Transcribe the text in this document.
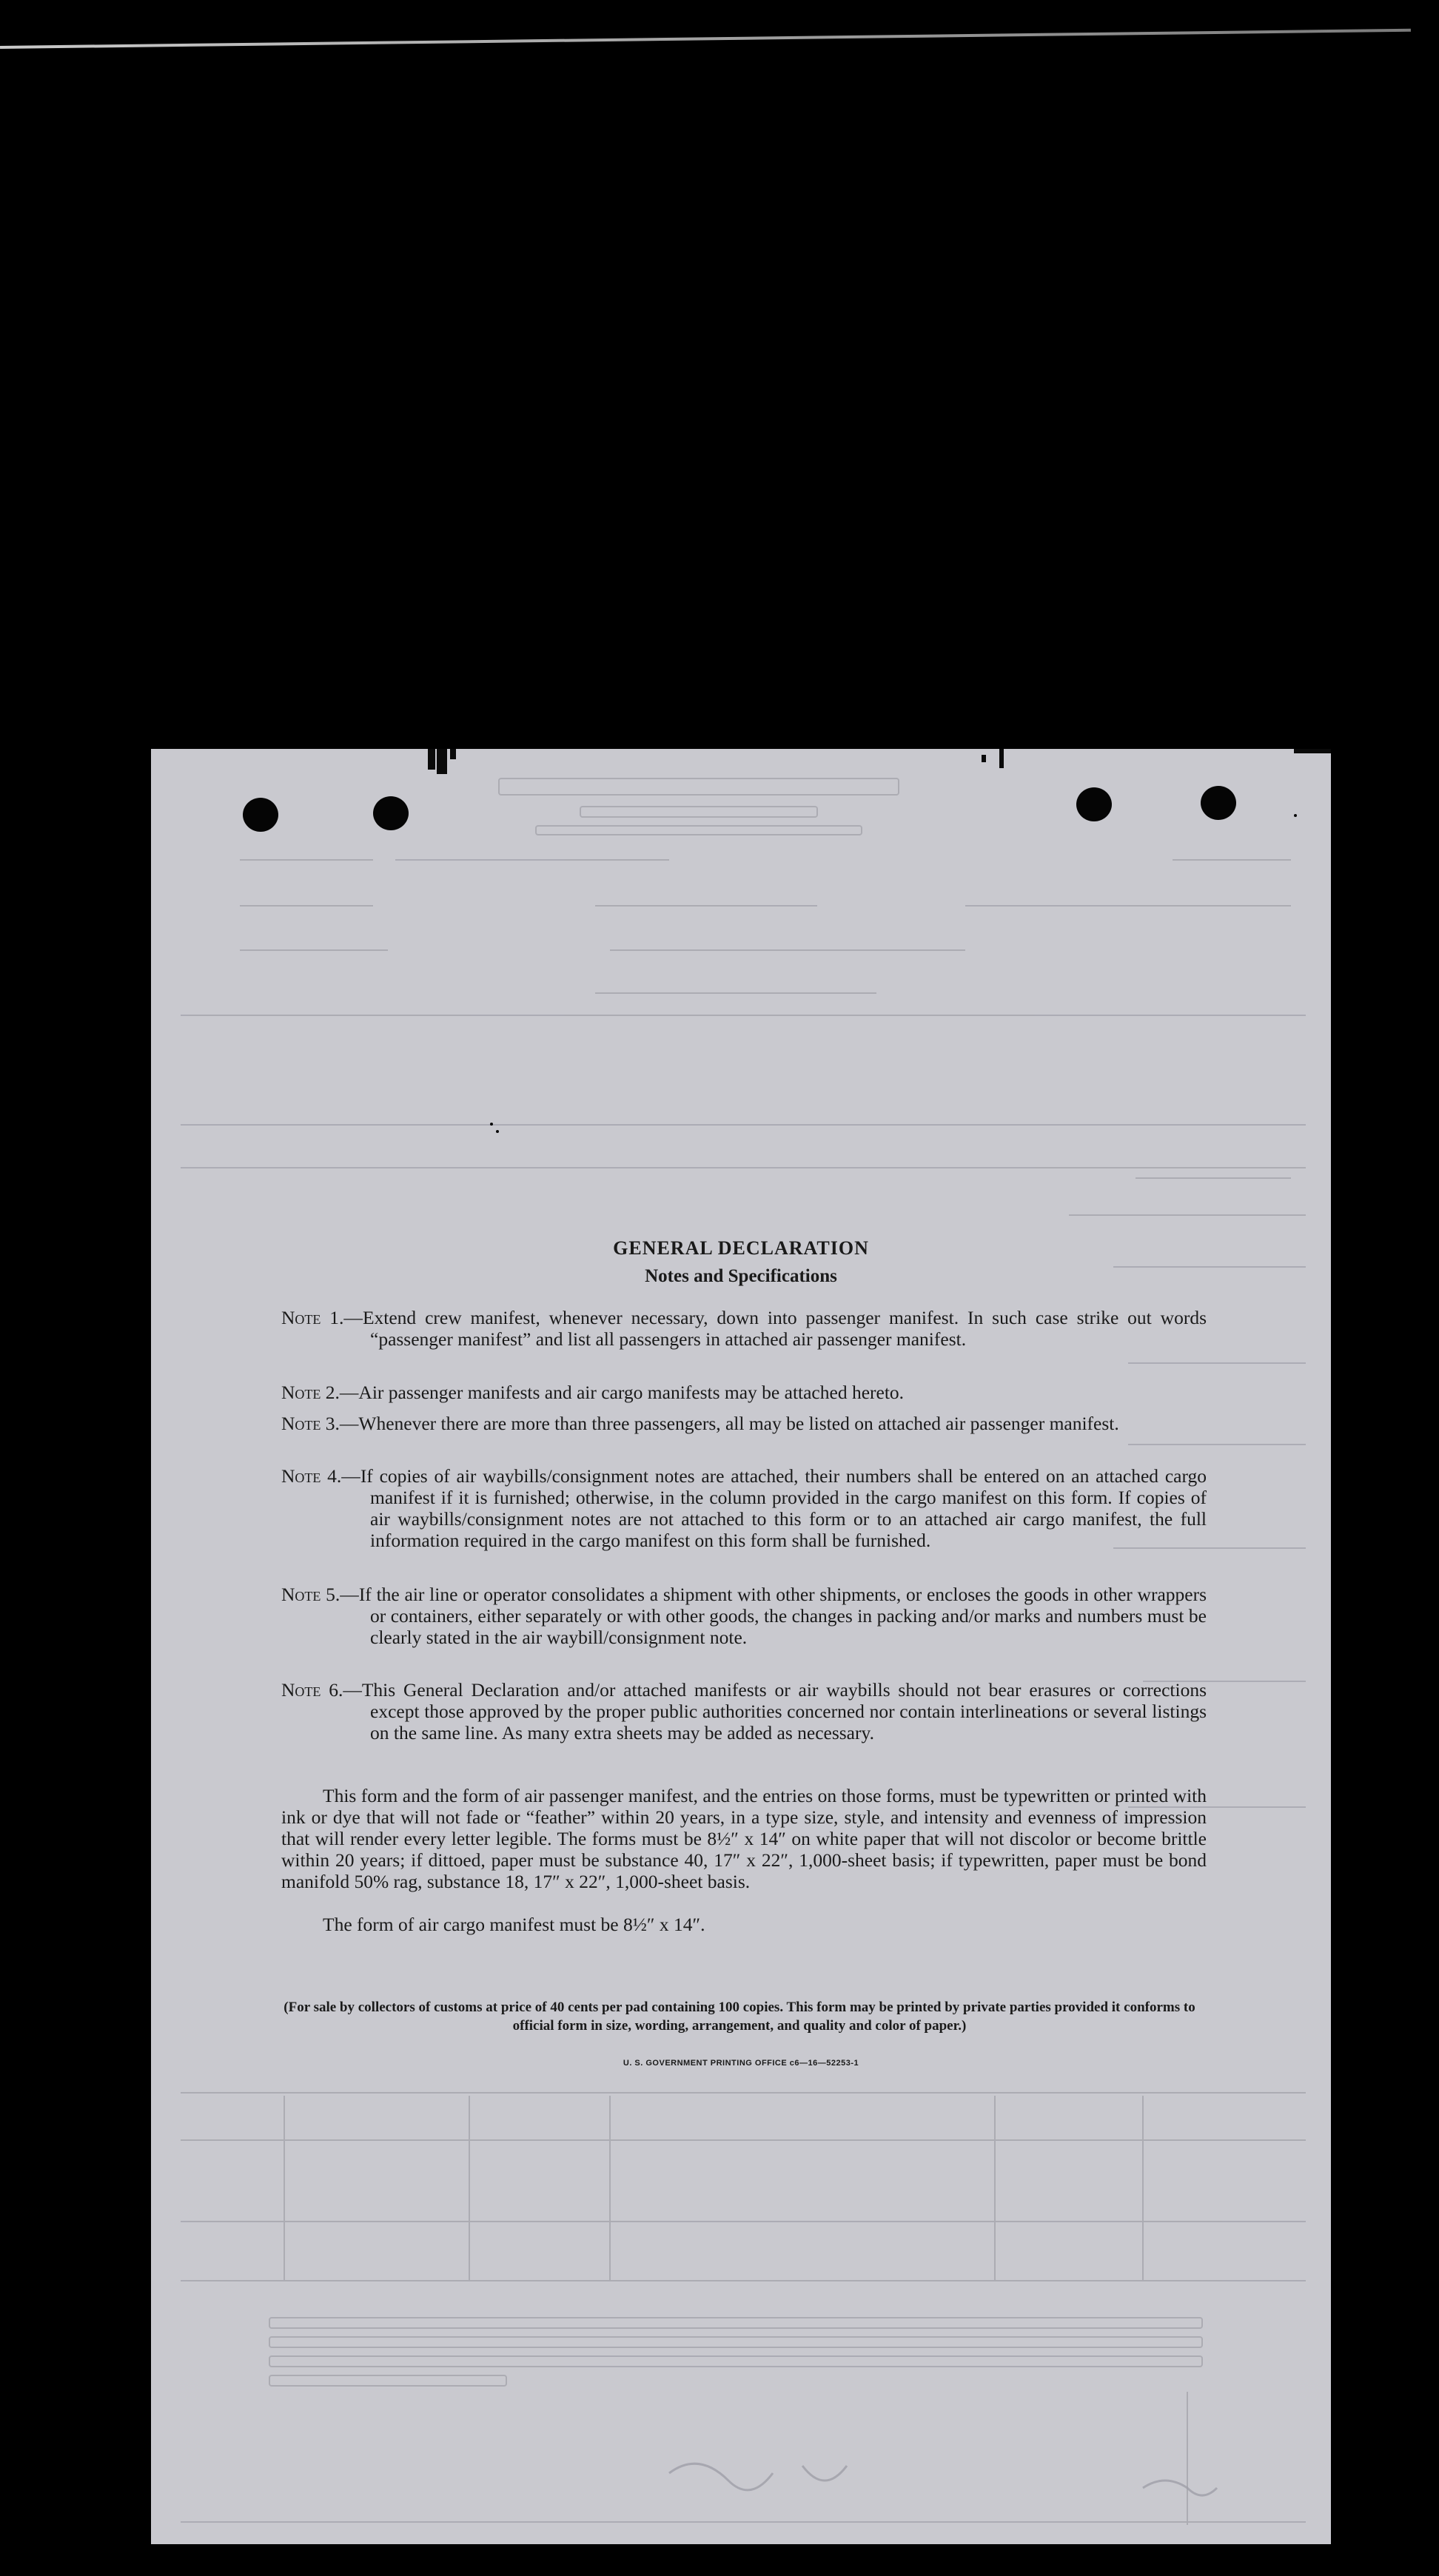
GENERAL DECLARATION
Notes and Specifications
Note 1.—Extend crew manifest, whenever necessary, down into passenger manifest. In such case strike out words “passenger manifest” and list all passengers in attached air passenger manifest.
Note 2.—Air passenger manifests and air cargo manifests may be attached hereto.
Note 3.—Whenever there are more than three passengers, all may be listed on attached air passenger manifest.
Note 4.—If copies of air waybills/consignment notes are attached, their numbers shall be entered on an attached cargo manifest if it is furnished; otherwise, in the column provided in the cargo manifest on this form. If copies of air waybills/consignment notes are not attached to this form or to an attached air cargo manifest, the full information required in the cargo manifest on this form shall be furnished.
Note 5.—If the air line or operator consolidates a shipment with other shipments, or encloses the goods in other wrappers or containers, either separately or with other goods, the changes in packing and/or marks and numbers must be clearly stated in the air waybill/consignment note.
Note 6.—This General Declaration and/or attached manifests or air waybills should not bear erasures or corrections except those approved by the proper public authorities concerned nor contain interlineations or several listings on the same line. As many extra sheets may be added as necessary.
This form and the form of air passenger manifest, and the entries on those forms, must be typewritten or printed with ink or dye that will not fade or “feather” within 20 years, in a type size, style, and intensity and evenness of impression that will render every letter legible. The forms must be 8½″ x 14″ on white paper that will not discolor or become brittle within 20 years; if dittoed, paper must be substance 40, 17″ x 22″, 1,000-sheet basis; if typewritten, paper must be bond manifold 50% rag, substance 18, 17″ x 22″, 1,000-sheet basis.
The form of air cargo manifest must be 8½″ x 14″.
(For sale by collectors of customs at price of 40 cents per pad containing 100 copies. This form may be printed by private parties provided it conforms to official form in size, wording, arrangement, and quality and color of paper.)
U. S. GOVERNMENT PRINTING OFFICE c6—16—52253-1
